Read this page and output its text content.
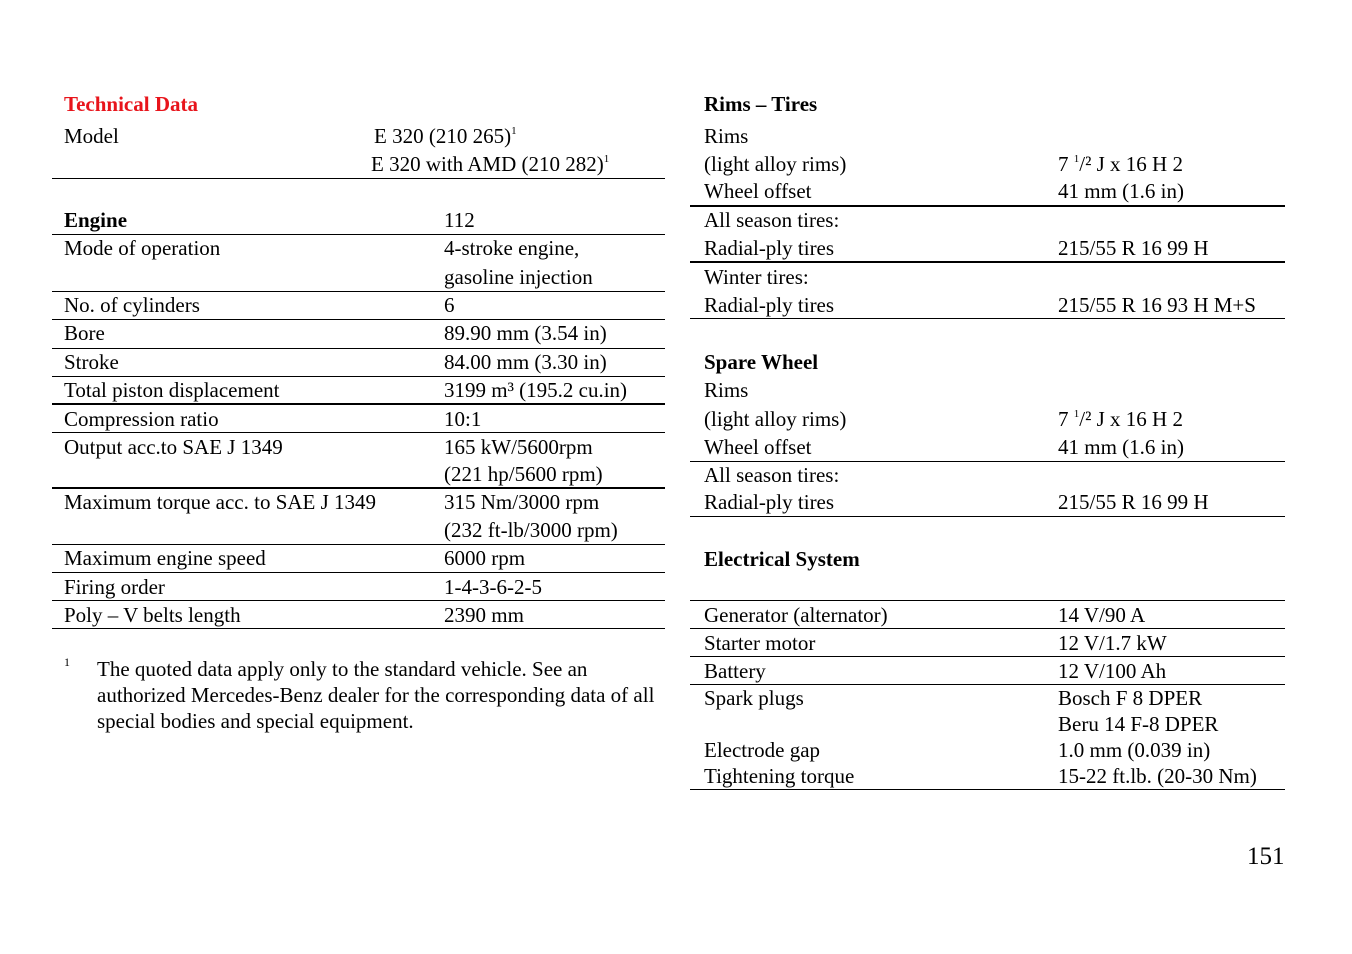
Technical Data
Model	E 320 (210 265)$^1$
E 320 with AMD (210 282)$^1$
Engine	112
Mode of operation	4-stroke engine,
gasoline injection
No. of cylinders	6
Bore	89.90 mm (3.54 in)
Stroke	84.00 mm (3.30 in)
Total piston displacement	3199 m³ (195.2 cu.in)
Compression ratio	10:1
Output acc.to SAE J 1349	165 kW/5600rpm
(221 hp/5600 rpm)
Maximum torque acc. to SAE J 1349	315 Nm/3000 rpm
(232 ft-lb/3000 rpm)
Maximum engine speed	6000 rpm
Firing order	1-4-3-6-2-5
Poly – V belts length	2390 mm
1 The quoted data apply only to the standard vehicle. See an authorized Mercedes-Benz dealer for the corresponding data of all special bodies and special equipment.
Rims – Tires
Rims
(light alloy rims)	7 $^1$/² J x 16 H 2
Wheel offset	41 mm (1.6 in)
All season tires:
Radial-ply tires	215/55 R 16 99 H
Winter tires:
Radial-ply tires	215/55 R 16 93 H M+S
Spare Wheel
Rims
(light alloy rims)	7 $^1$/² J x 16 H 2
Wheel offset	41 mm (1.6 in)
All season tires:
Radial-ply tires	215/55 R 16 99 H
Electrical System
Generator (alternator)	14 V/90 A
Starter motor	12 V/1.7 kW
Battery	12 V/100 Ah
Spark plugs	Bosch F 8 DPER
Beru 14 F-8 DPER
Electrode gap	1.0 mm (0.039 in)
Tightening torque	15-22 ft.lb. (20-30 Nm)
151
